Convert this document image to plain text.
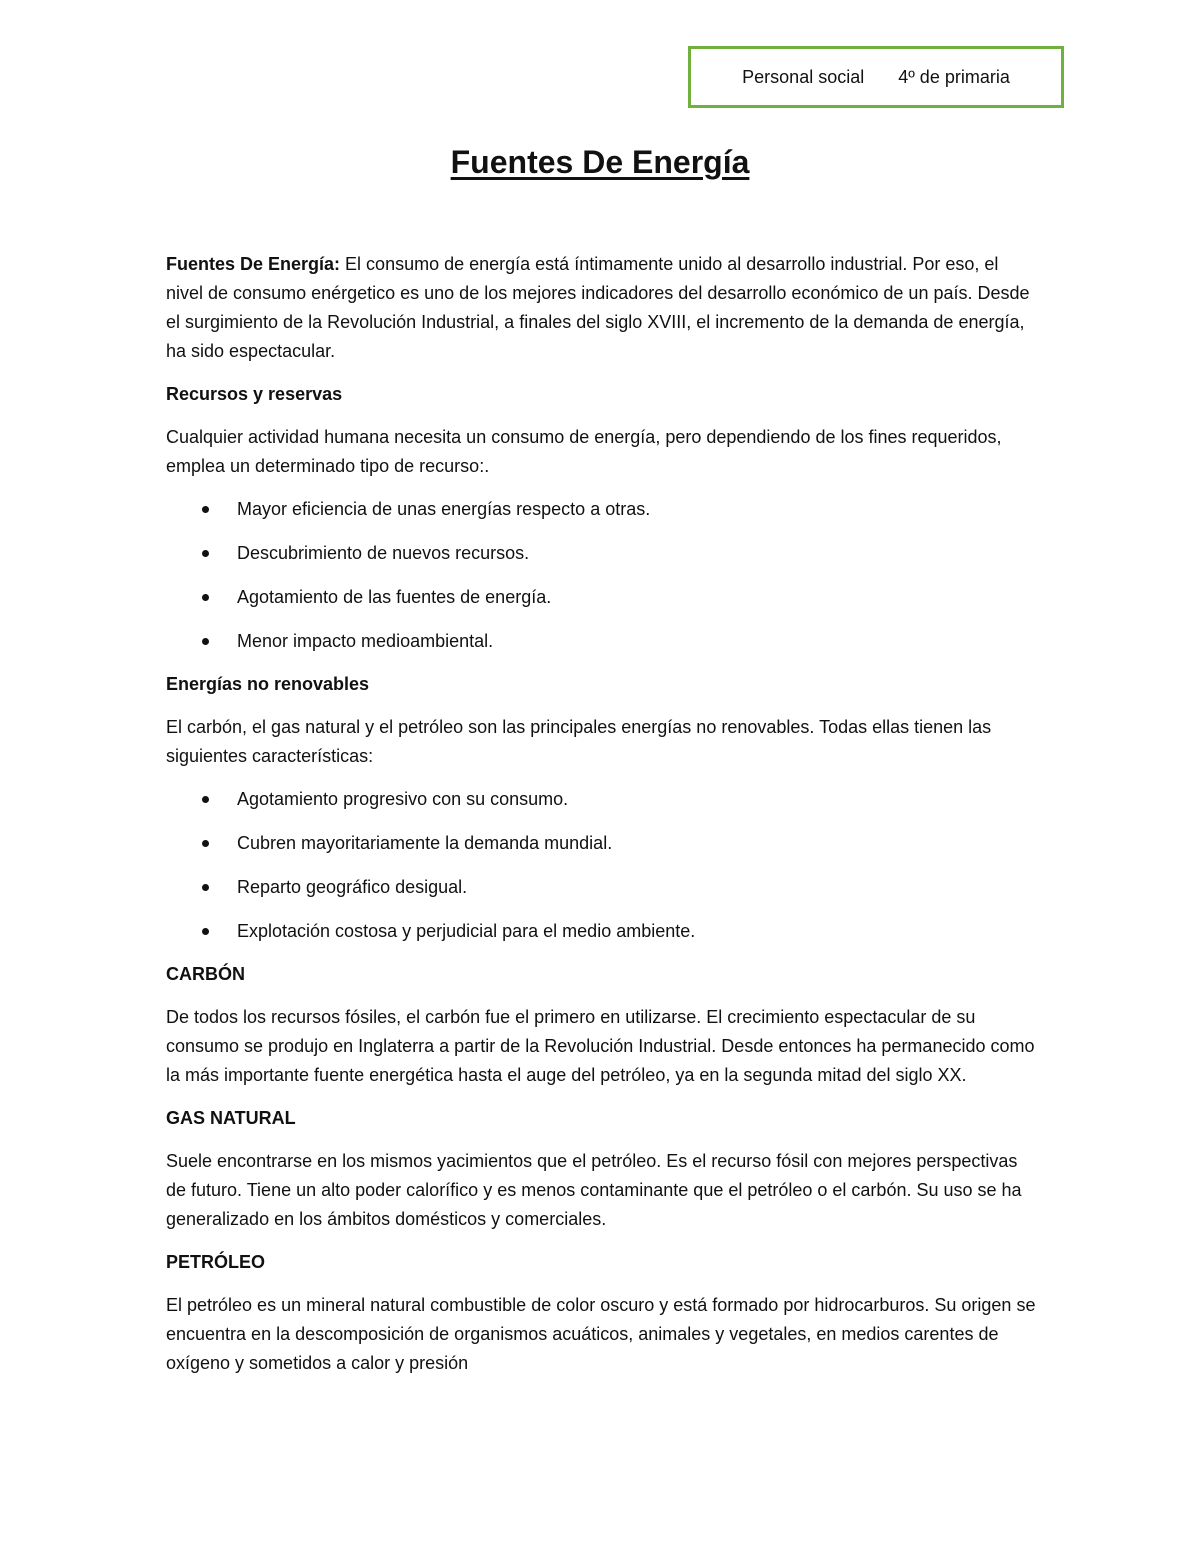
Personal social 4º de primaria
Fuentes De Energía

Fuentes De Energía: El consumo de energía está íntimamente unido al desarrollo industrial. Por eso, el nivel de consumo enérgetico es uno de los mejores indicadores del desarrollo económico de un país. Desde el surgimiento de la Revolución Industrial, a finales del siglo XVIII, el incremento de la demanda de energía, ha sido espectacular.

Recursos y reservas

Cualquier actividad humana necesita un consumo de energía, pero dependiendo de los fines requeridos, emplea un determinado tipo de recurso:.

Mayor eficiencia de unas energías respecto a otras.
Descubrimiento de nuevos recursos.
Agotamiento de las fuentes de energía.
Menor impacto medioambiental.
Energías no renovables

El carbón, el gas natural y el petróleo son las principales energías no renovables. Todas ellas tienen las siguientes características:

Agotamiento progresivo con su consumo.
Cubren mayoritariamente la demanda mundial.
Reparto geográfico desigual.
Explotación costosa y perjudicial para el medio ambiente.
CARBÓN

De todos los recursos fósiles, el carbón fue el primero en utilizarse. El crecimiento espectacular de su consumo se produjo en Inglaterra a partir de la Revolución Industrial. Desde entonces ha permanecido como la más importante fuente energética hasta el auge del petróleo, ya en la segunda mitad del siglo XX.

GAS NATURAL

Suele encontrarse en los mismos yacimientos que el petróleo. Es el recurso fósil con mejores perspectivas de futuro. Tiene un alto poder calorífico y es menos contaminante que el petróleo o el carbón. Su uso se ha generalizado en los ámbitos domésticos y comerciales.

PETRÓLEO

El petróleo es un mineral natural combustible de color oscuro y está formado por hidrocarburos. Su origen se encuentra en la descomposición de organismos acuáticos, animales y vegetales, en medios carentes de oxígeno y sometidos a calor y presión
